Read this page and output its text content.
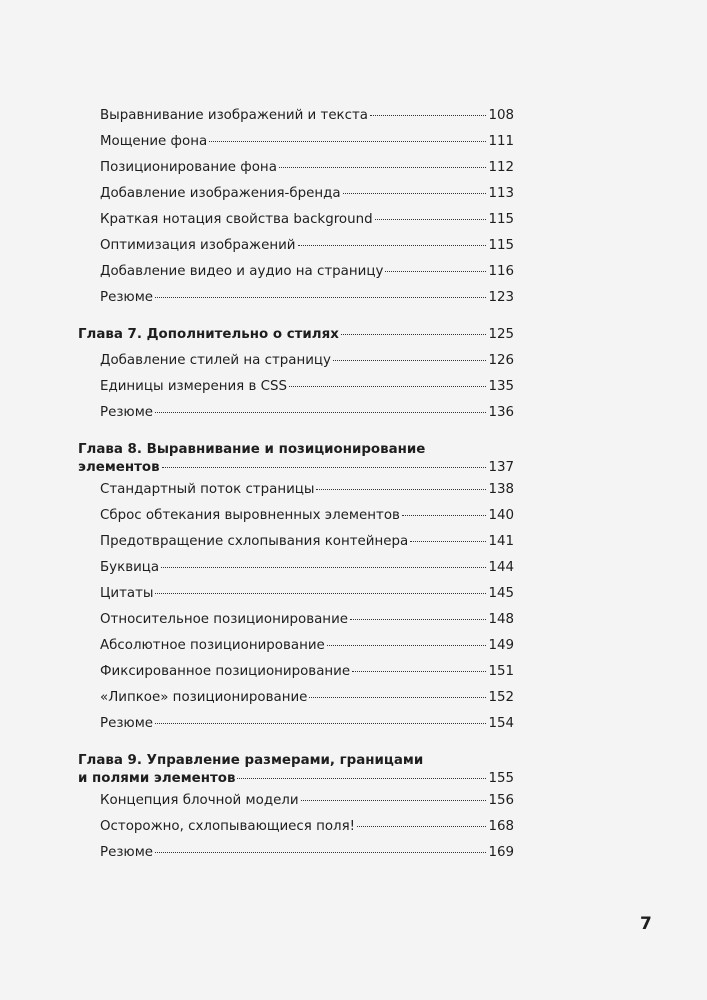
Выравнивание изображений и текста	108
Мощение фона	111
Позиционирование фона	112
Добавление изображения-бренда	113
Краткая нотация свойства background	115
Оптимизация изображений	115
Добавление видео и аудио на страницу	116
Резюме	123
Глава 7. Дополнительно о стилях	125
Добавление стилей на страницу	126
Единицы измерения в CSS	135
Резюме	136
Глава 8. Выравнивание и позиционирование
элементов	137
Стандартный поток страницы	138
Сброс обтекания выровненных элементов	140
Предотвращение схлопывания контейнера	141
Буквица	144
Цитаты	145
Относительное позиционирование	148
Абсолютное позиционирование	149
Фиксированное позиционирование	151
«Липкое» позиционирование	152
Резюме	154
Глава 9. Управление размерами, границами
и полями элементов	155
Концепция блочной модели	156
Осторожно, схлопывающиеся поля!	168
Резюме	169
7
